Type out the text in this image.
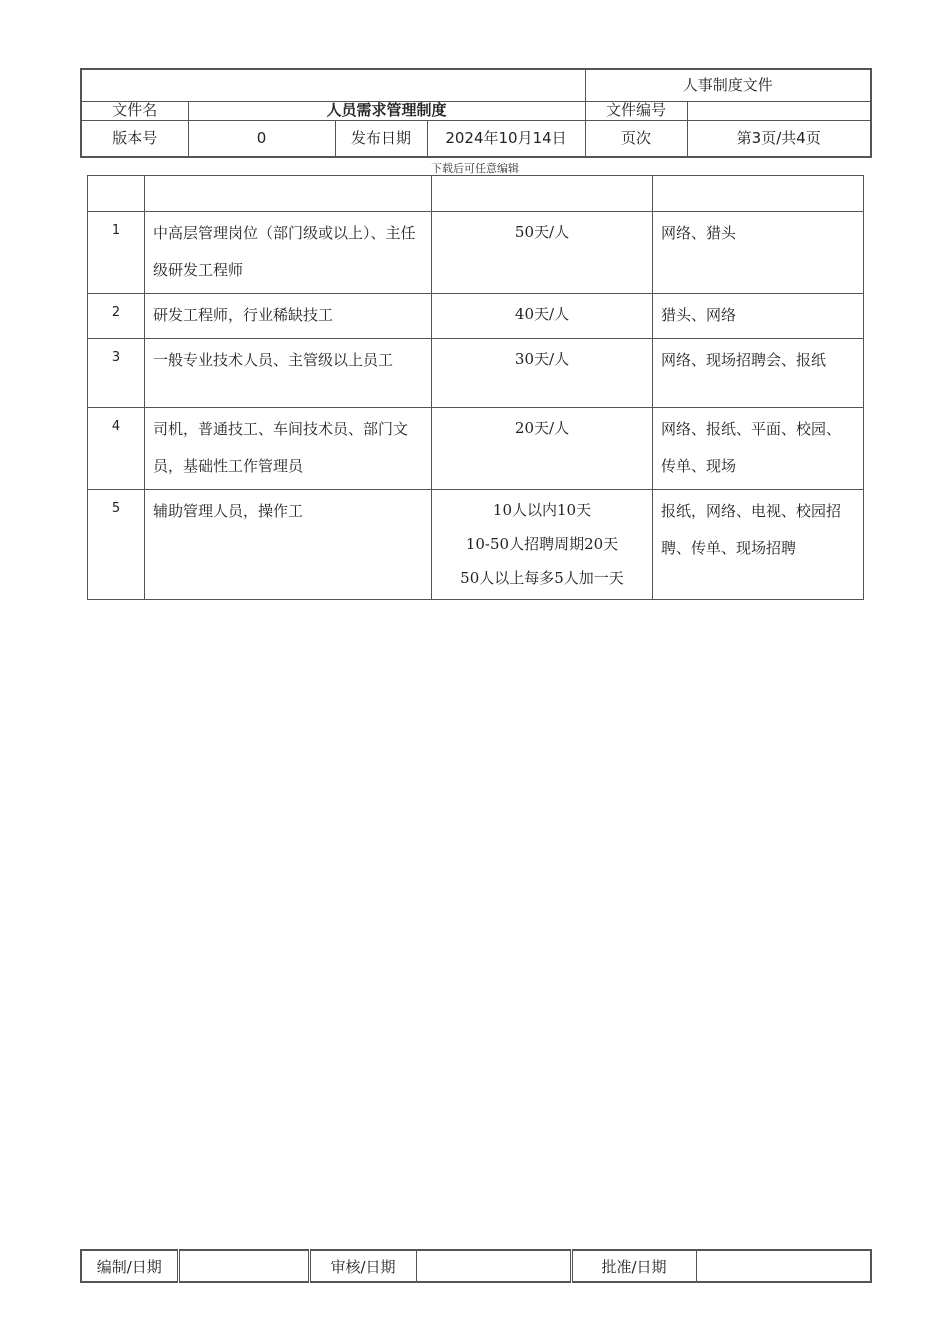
				人事制度文件	
文件名	人员需求管理制度			文件编号	
版本号	0	发布日期	2024年10月14日	页次	第3页/共4页
下载后可任意编辑

1	中高层管理岗位（部门级或以上）、主任级研发工程师	50天/人	网络、猎头
2	研发工程师，行业稀缺技工	40天/人	猎头、网络
3	一般专业技术人员、主管级以上员工	30天/人	网络、现场招聘会、报纸
4	司机，普通技工、车间技术员、部门文员，基础性工作管理员	20天/人	网络、报纸、平面、校园、传单、现场
5	辅助管理人员，操作工	10人以内10天
10-50人招聘周期20天
50人以上每多5人加一天	报纸，网络、电视、校园招聘、传单、现场招聘
编制/日期		审核/日期		批准/日期	
